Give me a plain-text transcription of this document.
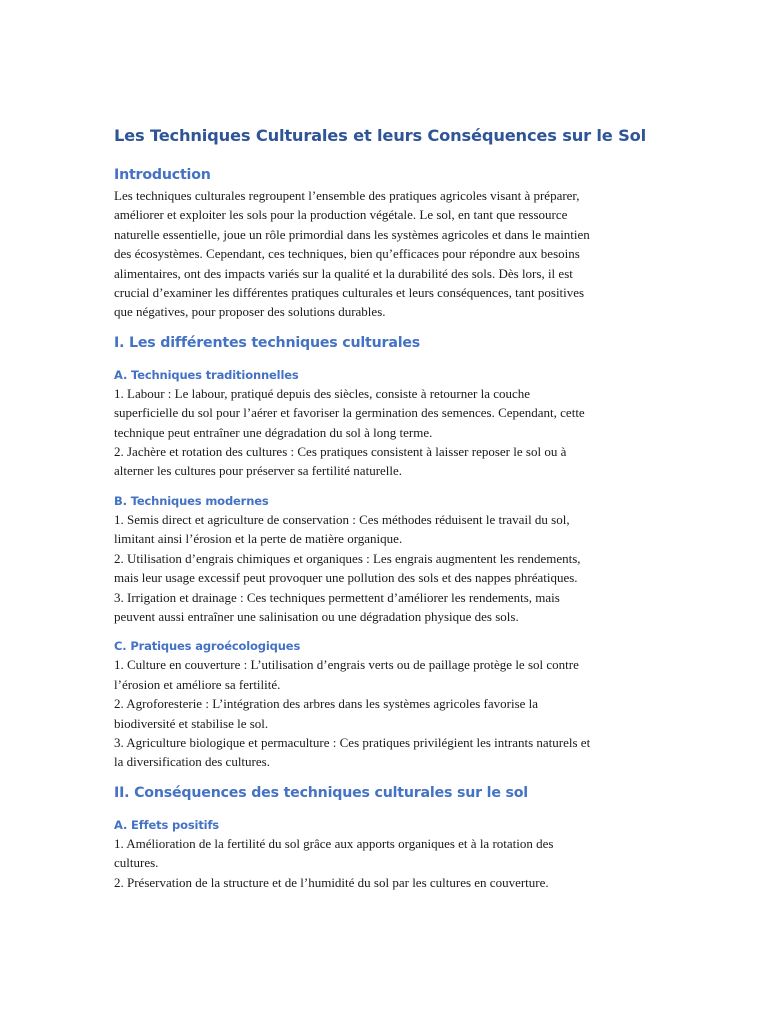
Les Techniques Culturales et leurs Conséquences sur le Sol
Introduction

Les techniques culturales regroupent l’ensemble des pratiques agricoles visant à préparer,
améliorer et exploiter les sols pour la production végétale. Le sol, en tant que ressource
naturelle essentielle, joue un rôle primordial dans les systèmes agricoles et dans le maintien
des écosystèmes. Cependant, ces techniques, bien qu’efficaces pour répondre aux besoins
alimentaires, ont des impacts variés sur la qualité et la durabilité des sols. Dès lors, il est
crucial d’examiner les différentes pratiques culturales et leurs conséquences, tant positives
que négatives, pour proposer des solutions durables.

I. Les différentes techniques culturales
A. Techniques traditionnelles

1. Labour : Le labour, pratiqué depuis des siècles, consiste à retourner la couche
superficielle du sol pour l’aérer et favoriser la germination des semences. Cependant, cette
technique peut entraîner une dégradation du sol à long terme.
2. Jachère et rotation des cultures : Ces pratiques consistent à laisser reposer le sol ou à
alterner les cultures pour préserver sa fertilité naturelle.

B. Techniques modernes

1. Semis direct et agriculture de conservation : Ces méthodes réduisent le travail du sol,
limitant ainsi l’érosion et la perte de matière organique.
2. Utilisation d’engrais chimiques et organiques : Les engrais augmentent les rendements,
mais leur usage excessif peut provoquer une pollution des sols et des nappes phréatiques.
3. Irrigation et drainage : Ces techniques permettent d’améliorer les rendements, mais
peuvent aussi entraîner une salinisation ou une dégradation physique des sols.

C. Pratiques agroécologiques

1. Culture en couverture : L’utilisation d’engrais verts ou de paillage protège le sol contre
l’érosion et améliore sa fertilité.
2. Agroforesterie : L’intégration des arbres dans les systèmes agricoles favorise la
biodiversité et stabilise le sol.
3. Agriculture biologique et permaculture : Ces pratiques privilégient les intrants naturels et
la diversification des cultures.

II. Conséquences des techniques culturales sur le sol
A. Effets positifs

1. Amélioration de la fertilité du sol grâce aux apports organiques et à la rotation des
cultures.
2. Préservation de la structure et de l’humidité du sol par les cultures en couverture.
